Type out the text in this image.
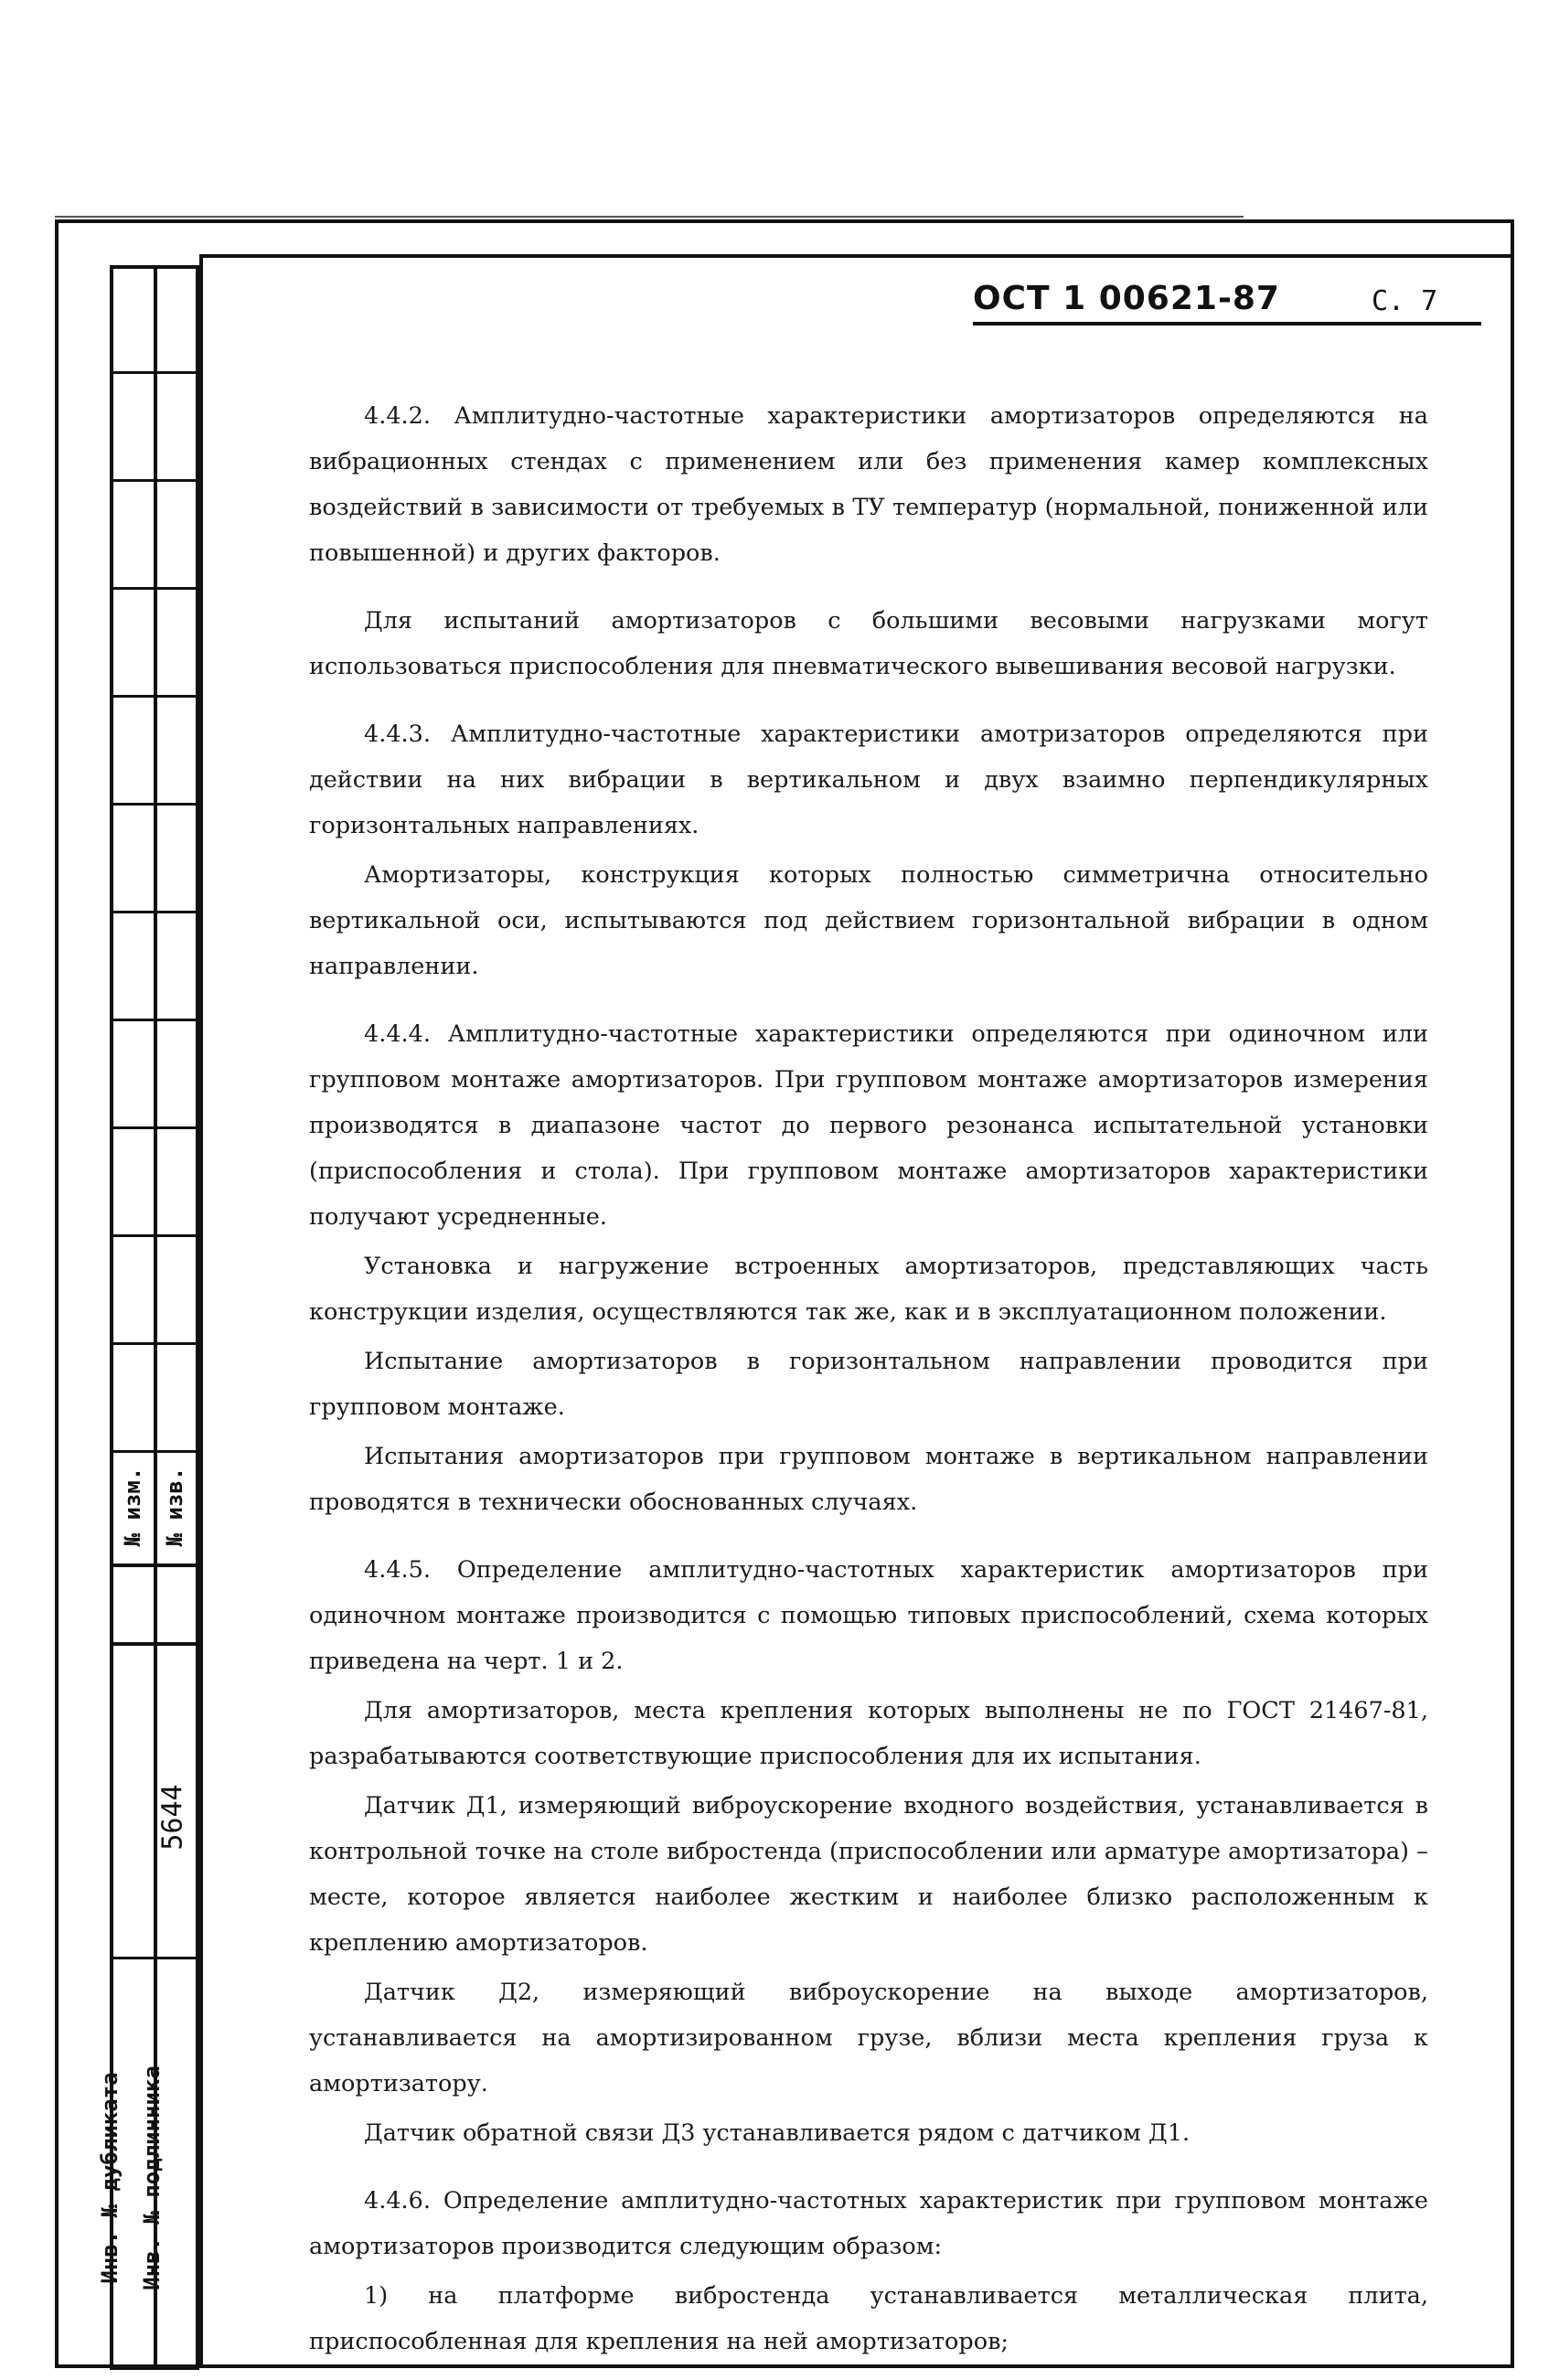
№ изм. № изв.
5644
Инв. № дубликата Инв. № подлинника
ОСТ 1 00621-87	С. 7

4.4.2. Амплитудно-частотные характеристики амортизаторов определяются на вибрационных стендах с применением или без применения камер комплексных воздействий в зависимости от требуемых в ТУ температур (нормальной, пониженной или повышенной) и других факторов.

Для испытаний амортизаторов с большими весовыми нагрузками могут использоваться приспособления для пневматического вывешивания весовой нагрузки.

4.4.3. Амплитудно-частотные характеристики амотризаторов определяются при действии на них вибрации в вертикальном и двух взаимно перпендикулярных горизонтальных направлениях.

Амортизаторы, конструкция которых полностью симметрична относительно вертикальной оси, испытываются под действием горизонтальной вибрации в одном направлении.

4.4.4. Амплитудно-частотные характеристики определяются при одиночном или групповом монтаже амортизаторов. При групповом монтаже амортизаторов измерения производятся в диапазоне частот до первого резонанса испытательной установки (приспособления и стола). При групповом монтаже амортизаторов характеристики получают усредненные.

Установка и нагружение встроенных амортизаторов, представляющих часть конструкции изделия, осуществляются так же, как и в эксплуатационном положении.

Испытание амортизаторов в горизонтальном направлении проводится при групповом монтаже.

Испытания амортизаторов при групповом монтаже в вертикальном направлении проводятся в технически обоснованных случаях.

4.4.5. Определение амплитудно-частотных характеристик амортизаторов при одиночном монтаже производится с помощью типовых приспособлений, схема которых приведена на черт. 1 и 2.

Для амортизаторов, места крепления которых выполнены не по ГОСТ 21467-81, разрабатываются соответствующие приспособления для их испытания.

Датчик Д1, измеряющий виброускорение входного воздействия, устанавливается в контрольной точке на столе вибростенда (приспособлении или арматуре амортизатора) – месте, которое является наиболее жестким и наиболее близко расположенным к креплению амортизаторов.

Датчик Д2, измеряющий виброускорение на выходе амортизаторов, устанавливается на амортизированном грузе, вблизи места крепления груза к амортизатору.

Датчик обратной связи Д3 устанавливается рядом с датчиком Д1.

4.4.6. Определение амплитудно-частотных характеристик при групповом монтаже амортизаторов производится следующим образом:

1) на платформе вибростенда устанавливается металлическая плита, приспособленная для крепления на ней амортизаторов;
